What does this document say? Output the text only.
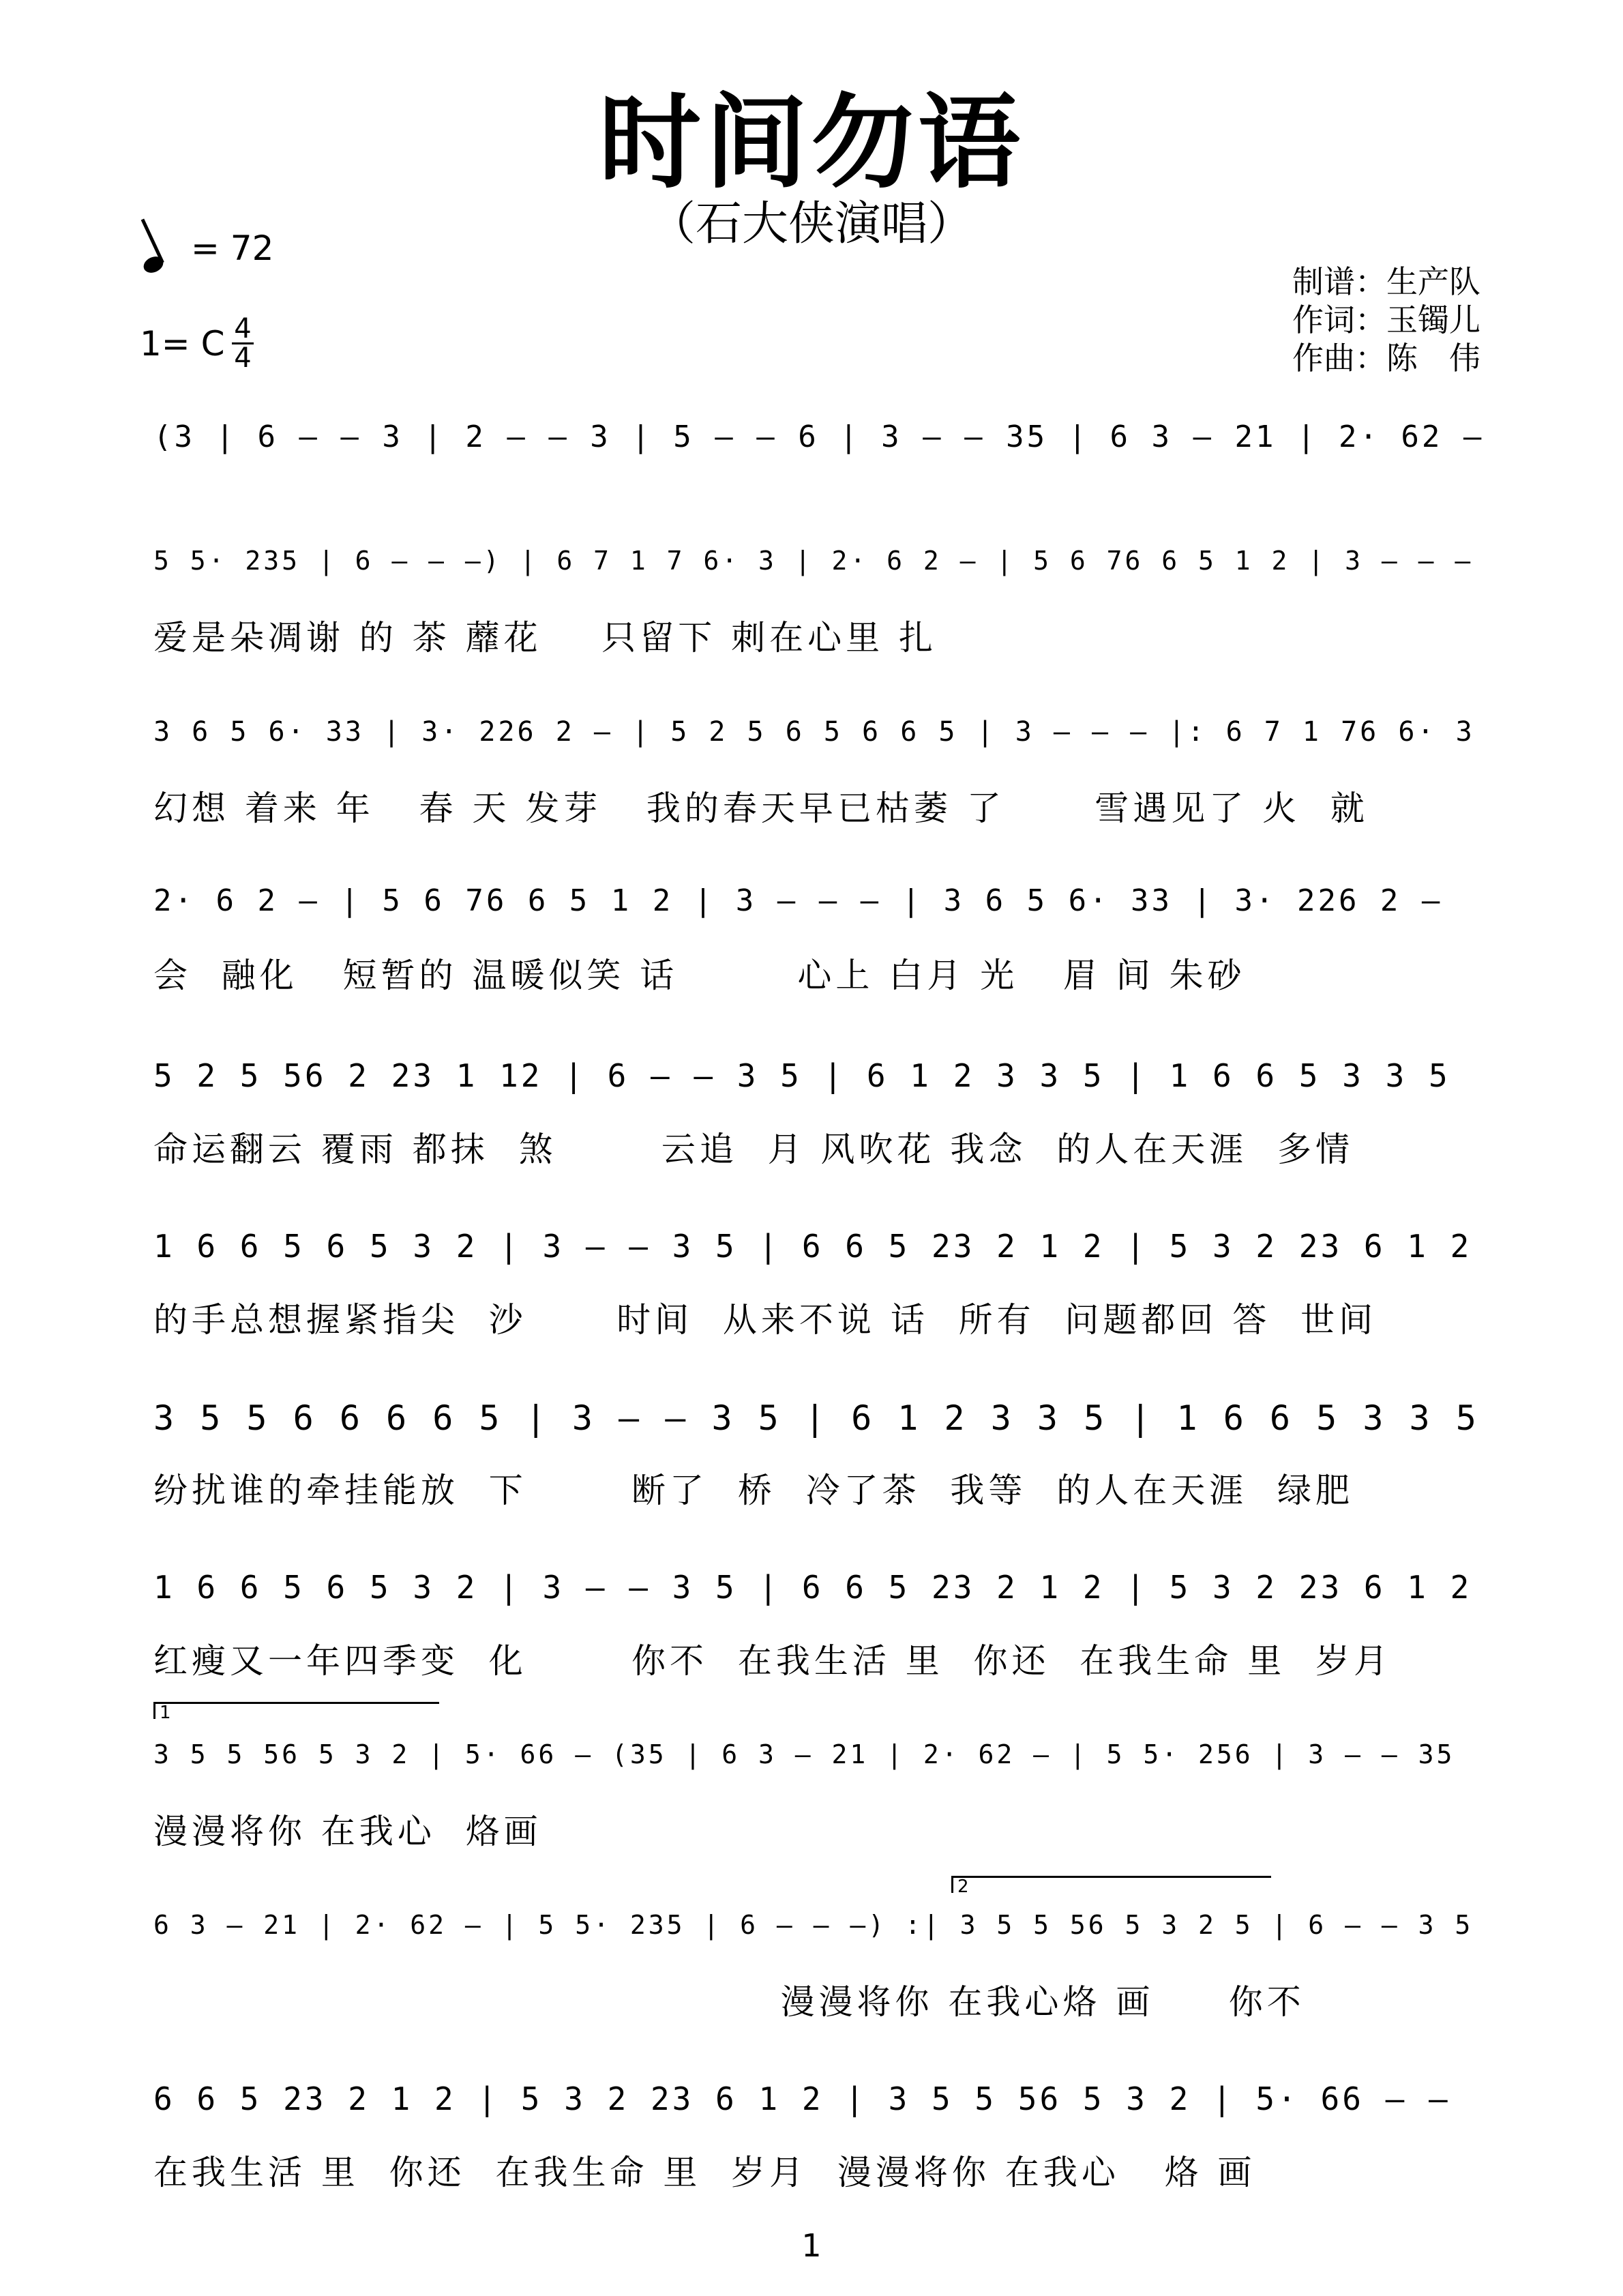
时间勿语
（石大侠演唱）
= 72
1= C 4
4
制谱：生产队
作词：玉镯儿
作曲：陈　伟
(3 | 6 — — 3 | 2 — — 3 | 5 — — 6 | 3 — — 35 | 6 3 — 21 | 2· 62 —
5 5· 235 | 6 — — —) | 6 7 1 7 6· 3 | 2· 6 2 — | 5 6 76 6 5 1 2 | 3 — — —
爱是朵凋谢 的 茶 蘼花    只留下 刺在心里 扎
3 6 5 6· 33 | 3· 226 2 — | 5 2 5 6 5 6 6 5 | 3 — — — |: 6 7 1 76 6· 3
幻想 着来 年   春 天 发芽   我的春天早已枯萎 了      雪遇见了 火  就
2· 6 2 — | 5 6 76 6 5 1 2 | 3 — — — | 3 6 5 6· 33 | 3· 226 2 —
会  融化   短暂的 温暖似笑 话        心上 白月 光   眉 间 朱砂
5 2 5 56 2 23 1 12 | 6 — — 3 5 | 6 1 2 3 3 5 | 1 6 6 5 3 3 5
命运翻云 覆雨 都抹  煞       云追  月 风吹花 我念  的人在天涯  多情
1 6 6 5 6 5 3 2 | 3 — — 3 5 | 6 6 5 23 2 1 2 | 5 3 2 23 6 1 2
的手总想握紧指尖  沙      时间  从来不说 话  所有  问题都回 答  世间
3 5 5 6 6 6 6 5 | 3 — — 3 5 | 6 1 2 3 3 5 | 1 6 6 5 3 3 5
纷扰谁的牵挂能放  下       断了  桥  冷了茶  我等  的人在天涯  绿肥
1 6 6 5 6 5 3 2 | 3 — — 3 5 | 6 6 5 23 2 1 2 | 5 3 2 23 6 1 2
红瘦又一年四季变  化       你不  在我生活 里  你还  在我生命 里  岁月
3 5 5 56 5 3 2 | 5· 66 — (35 | 6 3 — 21 | 2· 62 — | 5 5· 256 | 3 — — 35
漫漫将你 在我心  烙画
6 3 — 21 | 2· 62 — | 5 5· 235 | 6 — — —) :| 3 5 5 56 5 3 2 5 | 6 — — 3 5
漫漫将你 在我心烙 画     你不
6 6 5 23 2 1 2 | 5 3 2 23 6 1 2 | 3 5 5 56 5 3 2 | 5· 66 — —
在我生活 里  你还  在我生命 里  岁月  漫漫将你 在我心   烙 画
1
2
1
